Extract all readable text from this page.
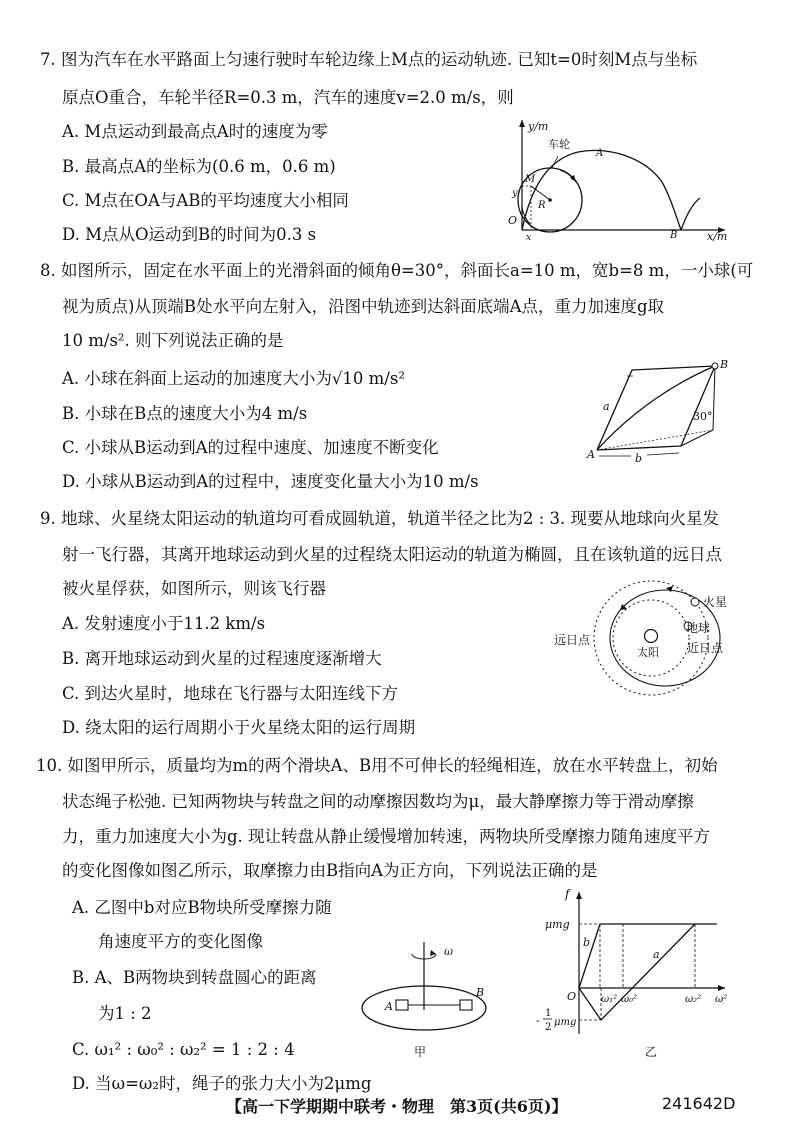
7. 图为汽车在水平路面上匀速行驶时车轮边缘上M点的运动轨迹. 已知t=0时刻M点与坐标
原点O重合，车轮半径R=0.3 m，汽车的速度v=2.0 m/s，则
A. M点运动到最高点A时的速度为零
B. 最高点A的坐标为(0.6 m，0.6 m)
C. M点在OA与AB的平均速度大小相同
D. M点从O运动到B的时间为0.3 s
y/m
x/m
车轮
A
B
O
y
M
R
x
8. 如图所示，固定在水平面上的光滑斜面的倾角θ=30°，斜面长a=10 m，宽b=8 m，一小球(可
视为质点)从顶端B处水平向左射入，沿图中轨迹到达斜面底端A点，重力加速度g取
10 m/s². 则下列说法正确的是
A. 小球在斜面上运动的加速度大小为√10 m/s²
B. 小球在B点的速度大小为4 m/s
C. 小球从B运动到A的过程中速度、加速度不断变化
D. 小球从B运动到A的过程中，速度变化量大小为10 m/s
B
A
a
b
30°
9. 地球、火星绕太阳运动的轨道均可看成圆轨道，轨道半径之比为2 : 3. 现要从地球向火星发
射一飞行器，其离开地球运动到火星的过程绕太阳运动的轨道为椭圆，且在该轨道的远日点
被火星俘获，如图所示，则该飞行器
A. 发射速度小于11.2 km/s
B. 离开地球运动到火星的过程速度逐渐增大
C. 到达火星时，地球在飞行器与太阳连线下方
D. 绕太阳的运行周期小于火星绕太阳的运行周期
火星
地球
远日点
太阳 近日点
10. 如图甲所示，质量均为m的两个滑块A、B用不可伸长的轻绳相连，放在水平转盘上，初始
状态绳子松弛. 已知两物块与转盘之间的动摩擦因数均为μ，最大静摩擦力等于滑动摩擦
力，重力加速度大小为g. 现让转盘从静止缓慢增加转速，两物块所受摩擦力随角速度平方
的变化图像如图乙所示，取摩擦力由B指向A为正方向，下列说法正确的是
A. 乙图中b对应B物块所受摩擦力随
角速度平方的变化图像
B. A、B两物块到转盘圆心的距离
为1 : 2
C. ω₁² : ω₀² : ω₂² = 1 : 2 : 4
D. 当ω=ω₂时，绳子的张力大小为2μmg
ω
A
B
甲
f
μmg
b
a
O ω₁² ω₀²	ω₂² ω²
-
1
2 μmg
乙
【高一下学期期中联考・物理　第3页(共6页)】	241642D
